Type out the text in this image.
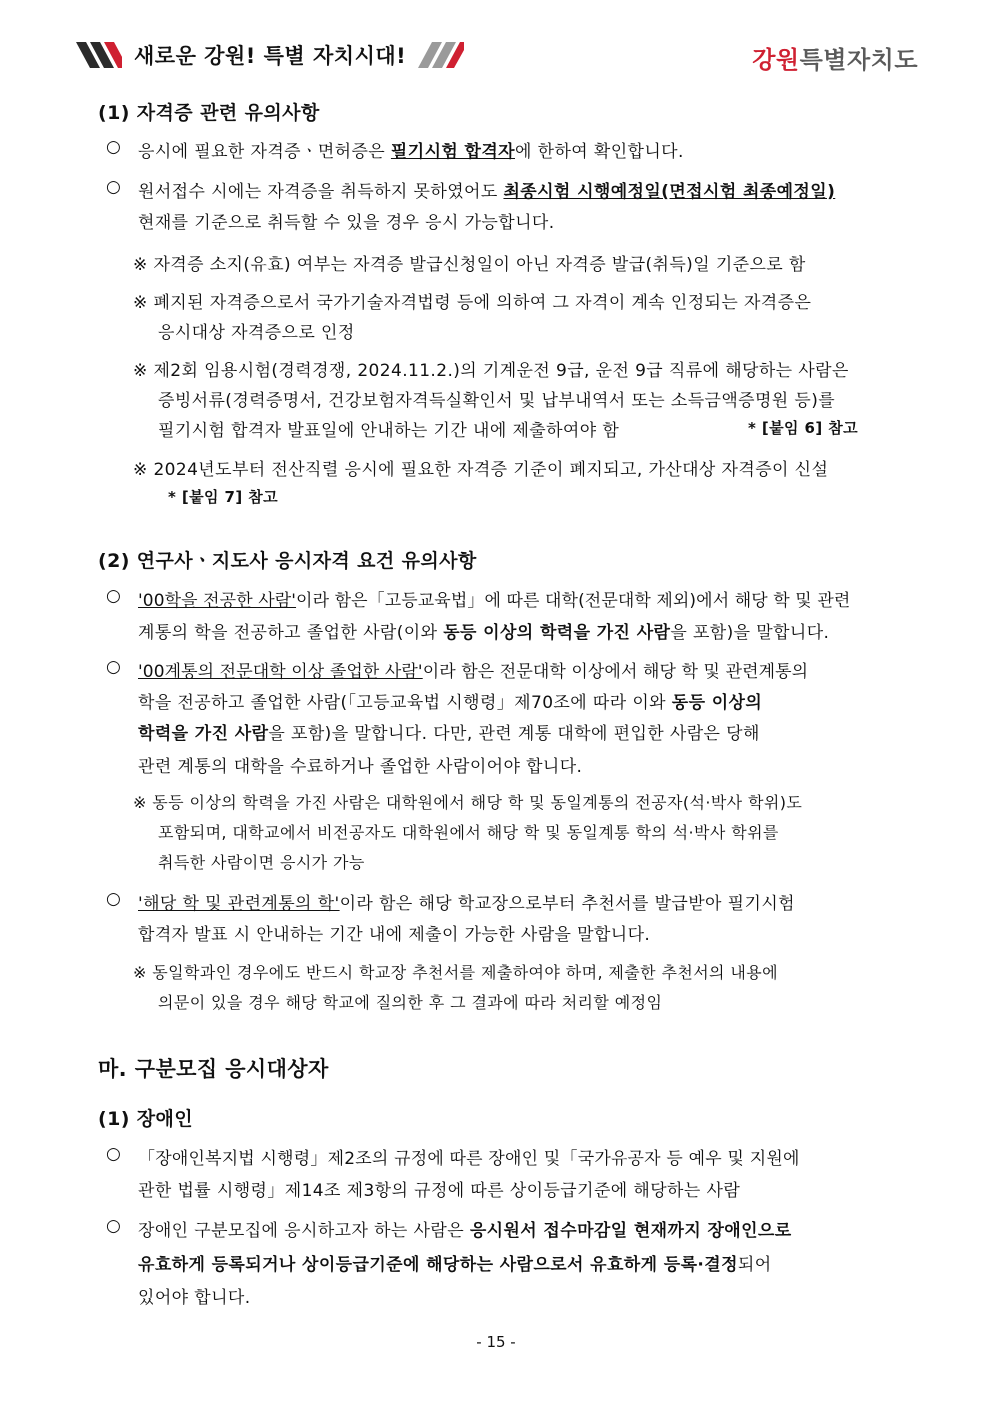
새로운 강원! 특별 자치시대!	강원특별자치도
(1) 자격증 관련 유의사항
○ 응시에 필요한 자격증ㆍ면허증은 필기시험 합격자에 한하여 확인합니다.
○ 원서접수 시에는 자격증을 취득하지 못하였어도 최종시험 시행예정일(면접시험 최종예정일)
현재를 기준으로 취득할 수 있을 경우 응시 가능합니다.
※ 자격증 소지(유효) 여부는 자격증 발급신청일이 아닌 자격증 발급(취득)일 기준으로 함
※ 폐지된 자격증으로서 국가기술자격법령 등에 의하여 그 자격이 계속 인정되는 자격증은
응시대상 자격증으로 인정
※ 제2회 임용시험(경력경쟁, 2024.11.2.)의 기계운전 9급, 운전 9급 직류에 해당하는 사람은
증빙서류(경력증명서, 건강보험자격득실확인서 및 납부내역서 또는 소득금액증명원 등)를
필기시험 합격자 발표일에 안내하는 기간 내에 제출하여야 함	* [붙임 6] 참고
※ 2024년도부터 전산직렬 응시에 필요한 자격증 기준이 폐지되고, 가산대상 자격증이 신설
* [붙임 7] 참고
(2) 연구사ㆍ지도사 응시자격 요건 유의사항
○ '00학을 전공한 사람'이라 함은「고등교육법」에 따른 대학(전문대학 제외)에서 해당 학 및 관련
계통의 학을 전공하고 졸업한 사람(이와 동등 이상의 학력을 가진 사람을 포함)을 말합니다.
○ '00계통의 전문대학 이상 졸업한 사람'이라 함은 전문대학 이상에서 해당 학 및 관련계통의
학을 전공하고 졸업한 사람(「고등교육법 시행령」제70조에 따라 이와 동등 이상의
학력을 가진 사람을 포함)을 말합니다. 다만, 관련 계통 대학에 편입한 사람은 당해
관련 계통의 대학을 수료하거나 졸업한 사람이어야 합니다.
※ 동등 이상의 학력을 가진 사람은 대학원에서 해당 학 및 동일계통의 전공자(석·박사 학위)도
포함되며, 대학교에서 비전공자도 대학원에서 해당 학 및 동일계통 학의 석·박사 학위를
취득한 사람이면 응시가 가능
○ '해당 학 및 관련계통의 학'이라 함은 해당 학교장으로부터 추천서를 발급받아 필기시험
합격자 발표 시 안내하는 기간 내에 제출이 가능한 사람을 말합니다.
※ 동일학과인 경우에도 반드시 학교장 추천서를 제출하여야 하며, 제출한 추천서의 내용에
의문이 있을 경우 해당 학교에 질의한 후 그 결과에 따라 처리할 예정임
마. 구분모집 응시대상자
(1) 장애인
○ 「장애인복지법 시행령」제2조의 규정에 따른 장애인 및「국가유공자 등 예우 및 지원에
관한 법률 시행령」제14조 제3항의 규정에 따른 상이등급기준에 해당하는 사람
○ 장애인 구분모집에 응시하고자 하는 사람은 응시원서 접수마감일 현재까지 장애인으로
유효하게 등록되거나 상이등급기준에 해당하는 사람으로서 유효하게 등록·결정되어
있어야 합니다.
- 15 -
